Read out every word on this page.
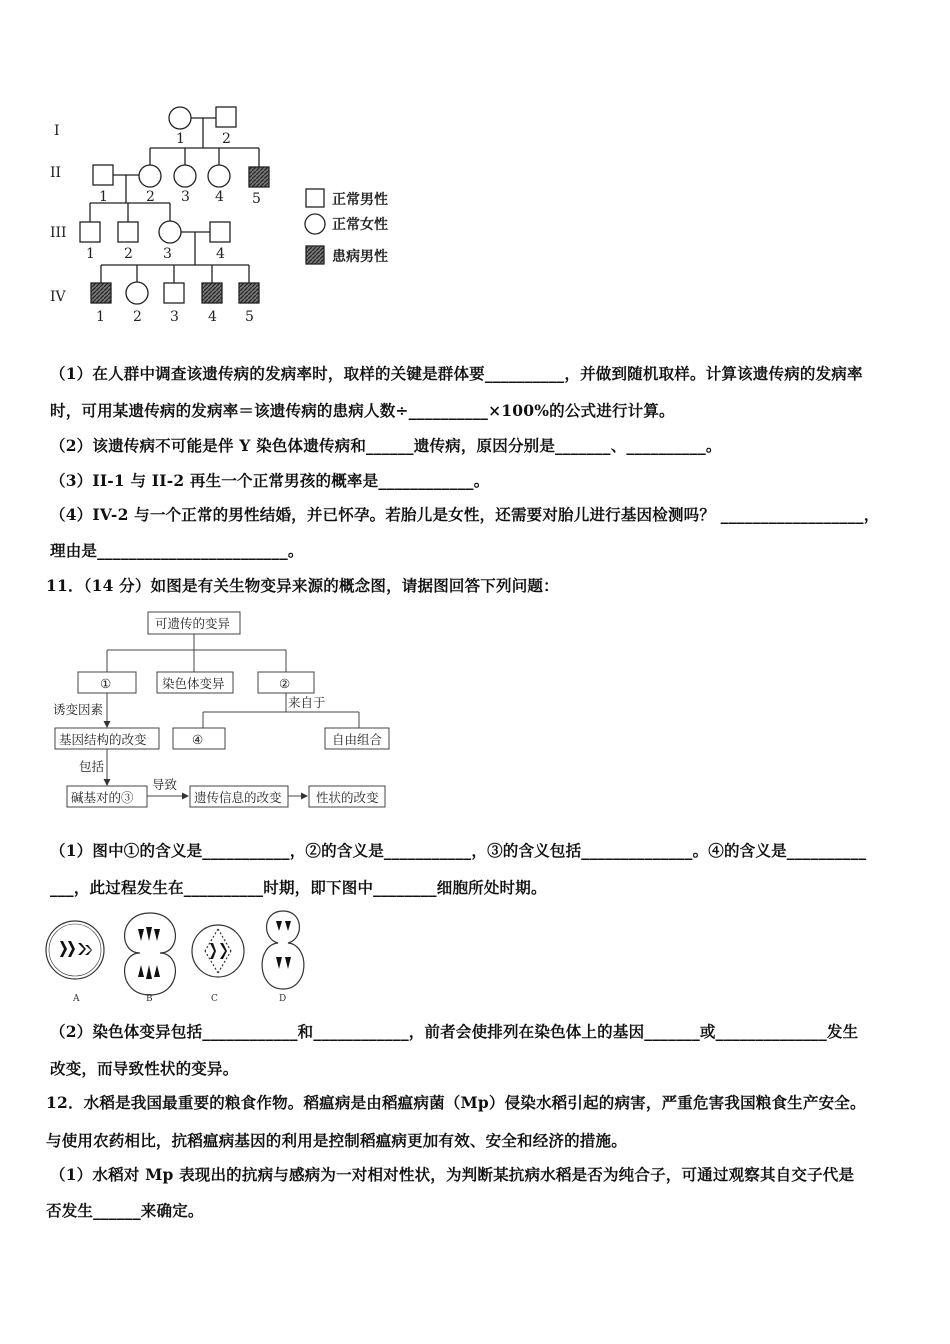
I
II
III
IV
1	2
1	2 3 4 5
1 2 3	4
1 2 3 4 5
正常男性
正常女性
患病男性
（1）在人群中调查该遗传病的发病率时，取样的关键是群体要__________，并做到随机取样。计算该遗传病的发病率
时，可用某遗传病的发病率＝该遗传病的患病人数÷__________×100%的公式进行计算。
（2）该遗传病不可能是伴 Y 染色体遗传病和______遗传病，原因分别是_______、__________。
（3）II-1 与 II-2 再生一个正常男孩的概率是____________。
（4）IV-2 与一个正常的男性结婚，并已怀孕。若胎儿是女性，还需要对胎儿进行基因检测吗？ __________________，
理由是________________________。
11．（14 分）如图是有关生物变异来源的概念图，请据图回答下列问题：
可遗传的变异
①	染色体变异	②
诱变因素	来自于
基因结构的改变	④	自由组合
包括
碱基对的③
导致
遗传信息的改变	性状的改变
（1）图中①的含义是___________，②的含义是___________，③的含义包括______________。④的含义是__________
___，此过程发生在__________时期，即下图中________细胞所处时期。
A	B	C	D
（2）染色体变异包括____________和____________，前者会使排列在染色体上的基因_______或______________发生
改变，而导致性状的变异。
12．水稻是我国最重要的粮食作物。稻瘟病是由稻瘟病菌（Mp）侵染水稻引起的病害，严重危害我国粮食生产安全。
与使用农药相比，抗稻瘟病基因的利用是控制稻瘟病更加有效、安全和经济的措施。
（1）水稻对 Mp 表现出的抗病与感病为一对相对性状，为判断某抗病水稻是否为纯合子，可通过观察其自交子代是
否发生______来确定。
